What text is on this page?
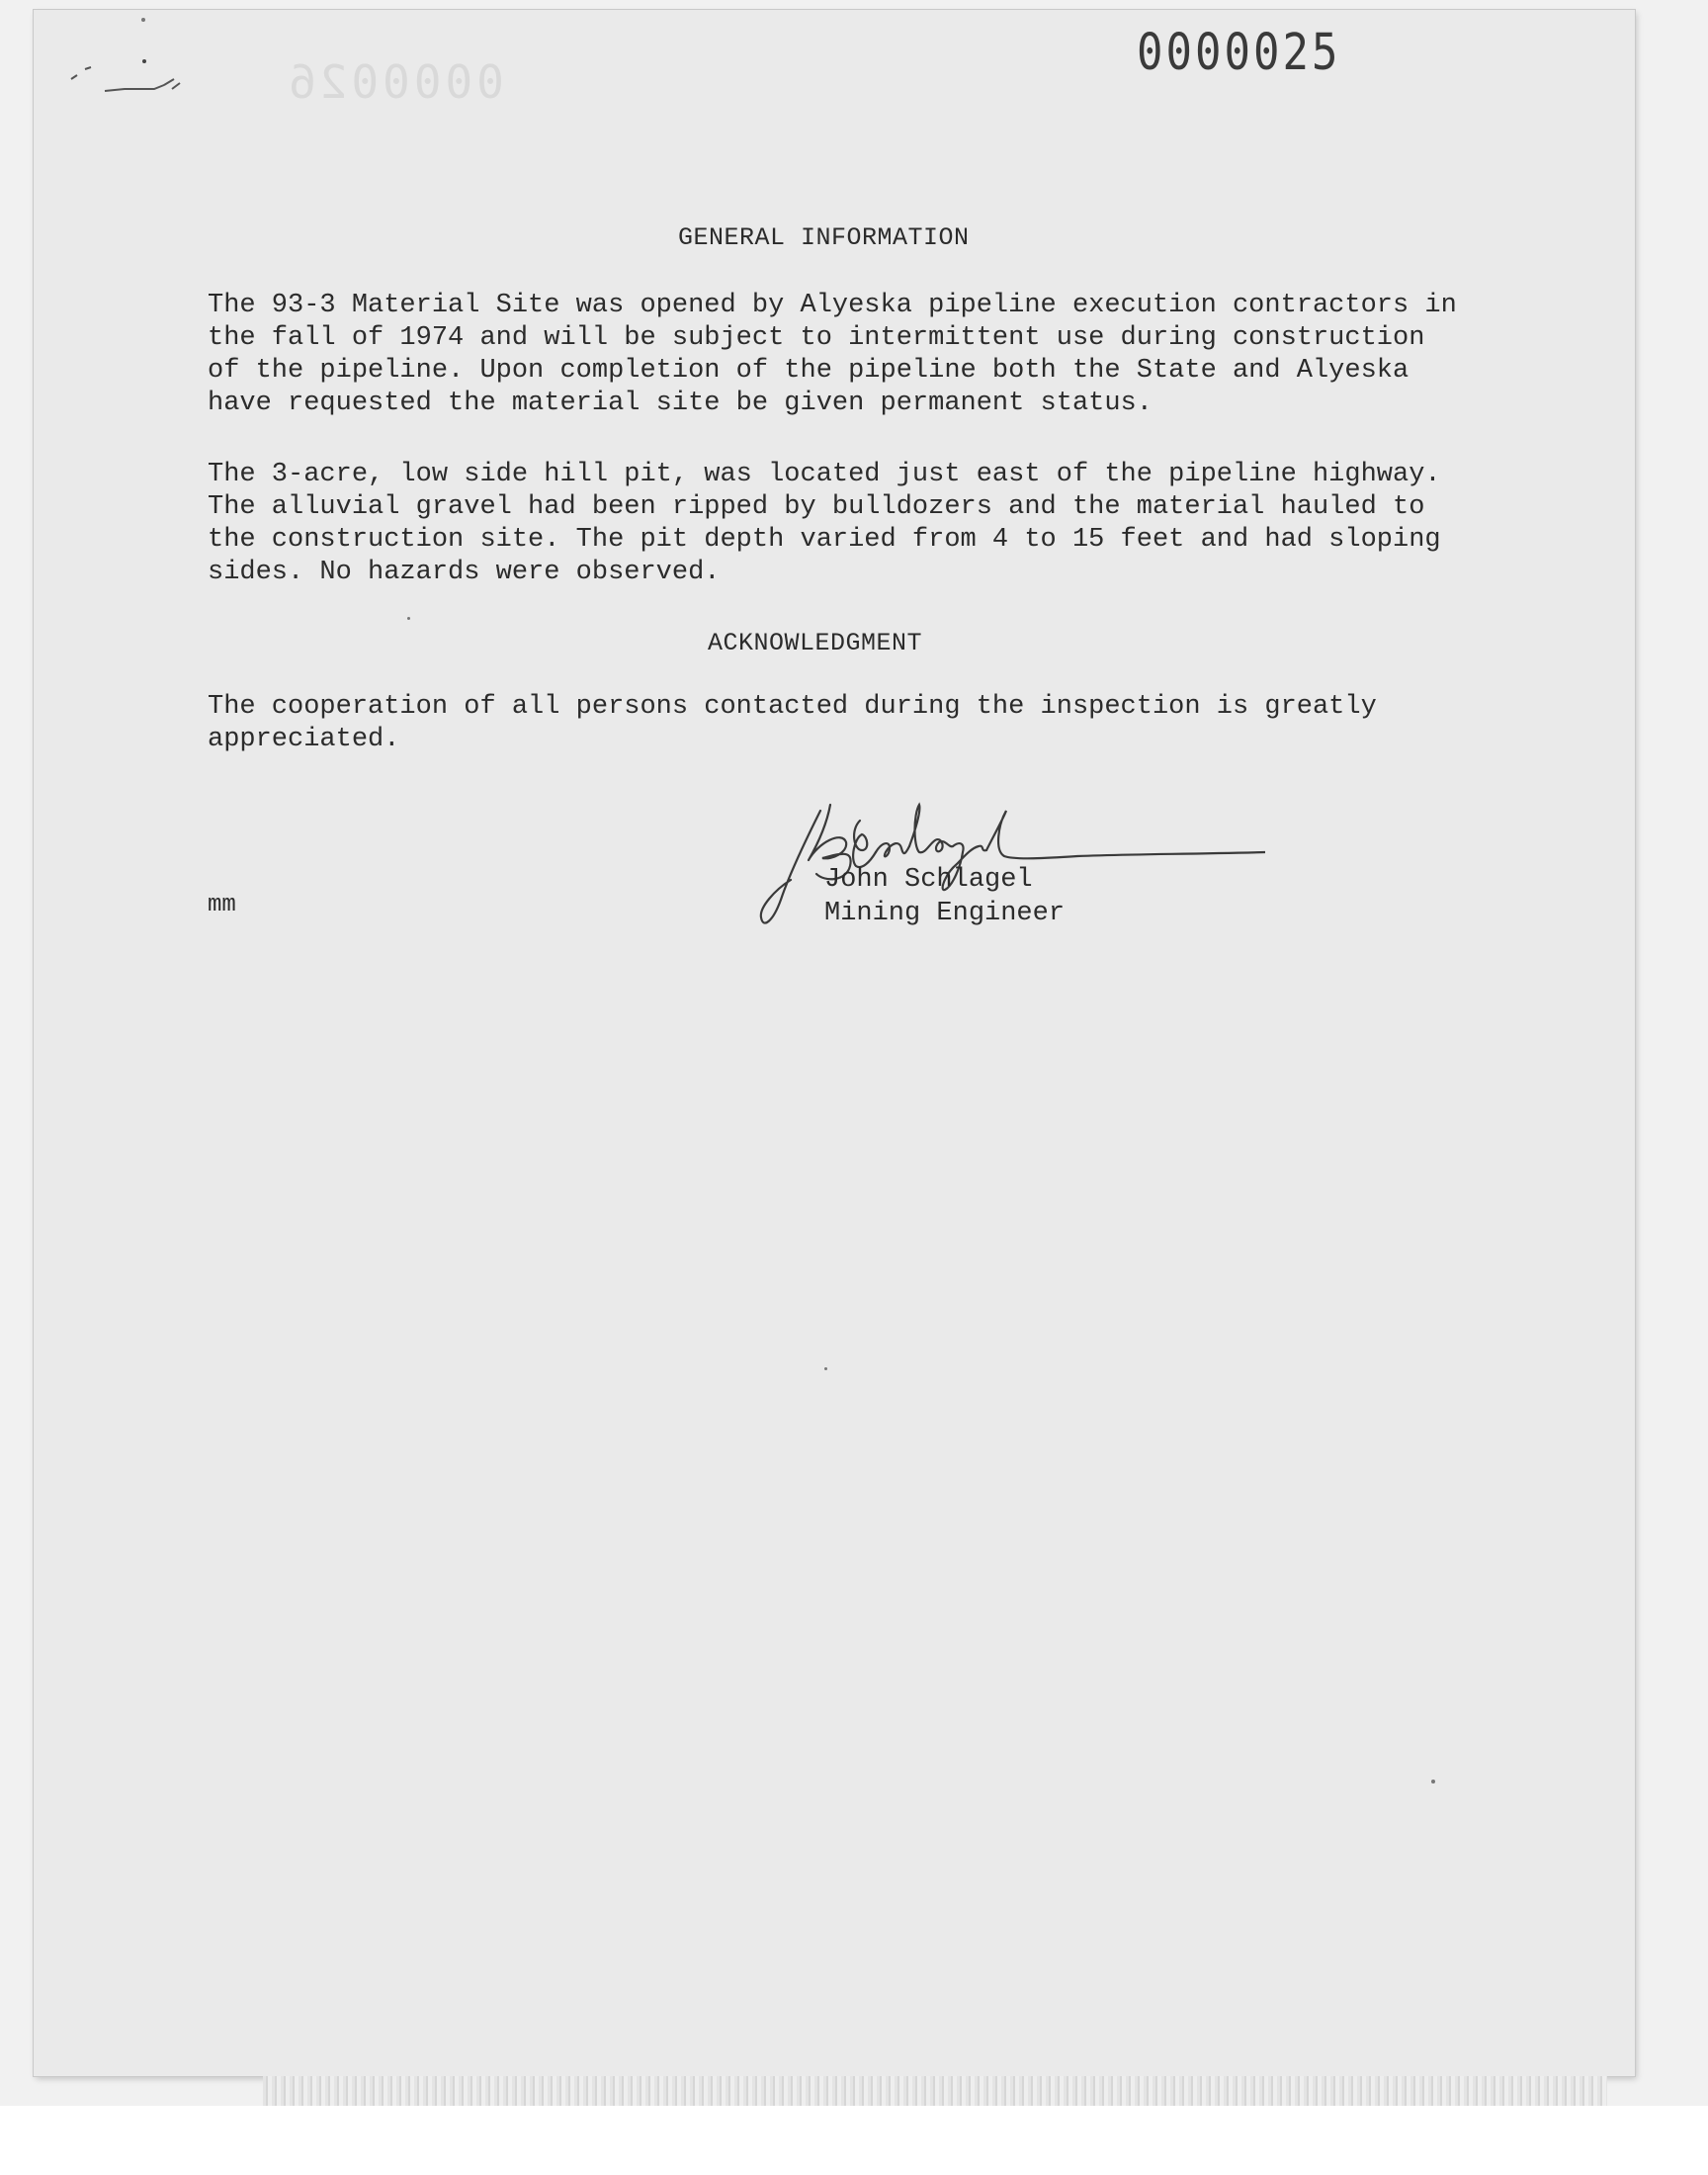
0000026
0000025
GENERAL INFORMATION
The 93-3 Material Site was opened by Alyeska pipeline execution contractors in
the fall of 1974 and will be subject to intermittent use during construction
of the pipeline. Upon completion of the pipeline both the State and Alyeska
have requested the material site be given permanent status.
The 3-acre, low side hill pit, was located just east of the pipeline highway.
The alluvial gravel had been ripped by bulldozers and the material hauled to
the construction site. The pit depth varied from 4 to 15 feet and had sloping
sides. No hazards were observed.
ACKNOWLEDGMENT
The cooperation of all persons contacted during the inspection is greatly
appreciated.
John Schlagel
Mining Engineer
mm
